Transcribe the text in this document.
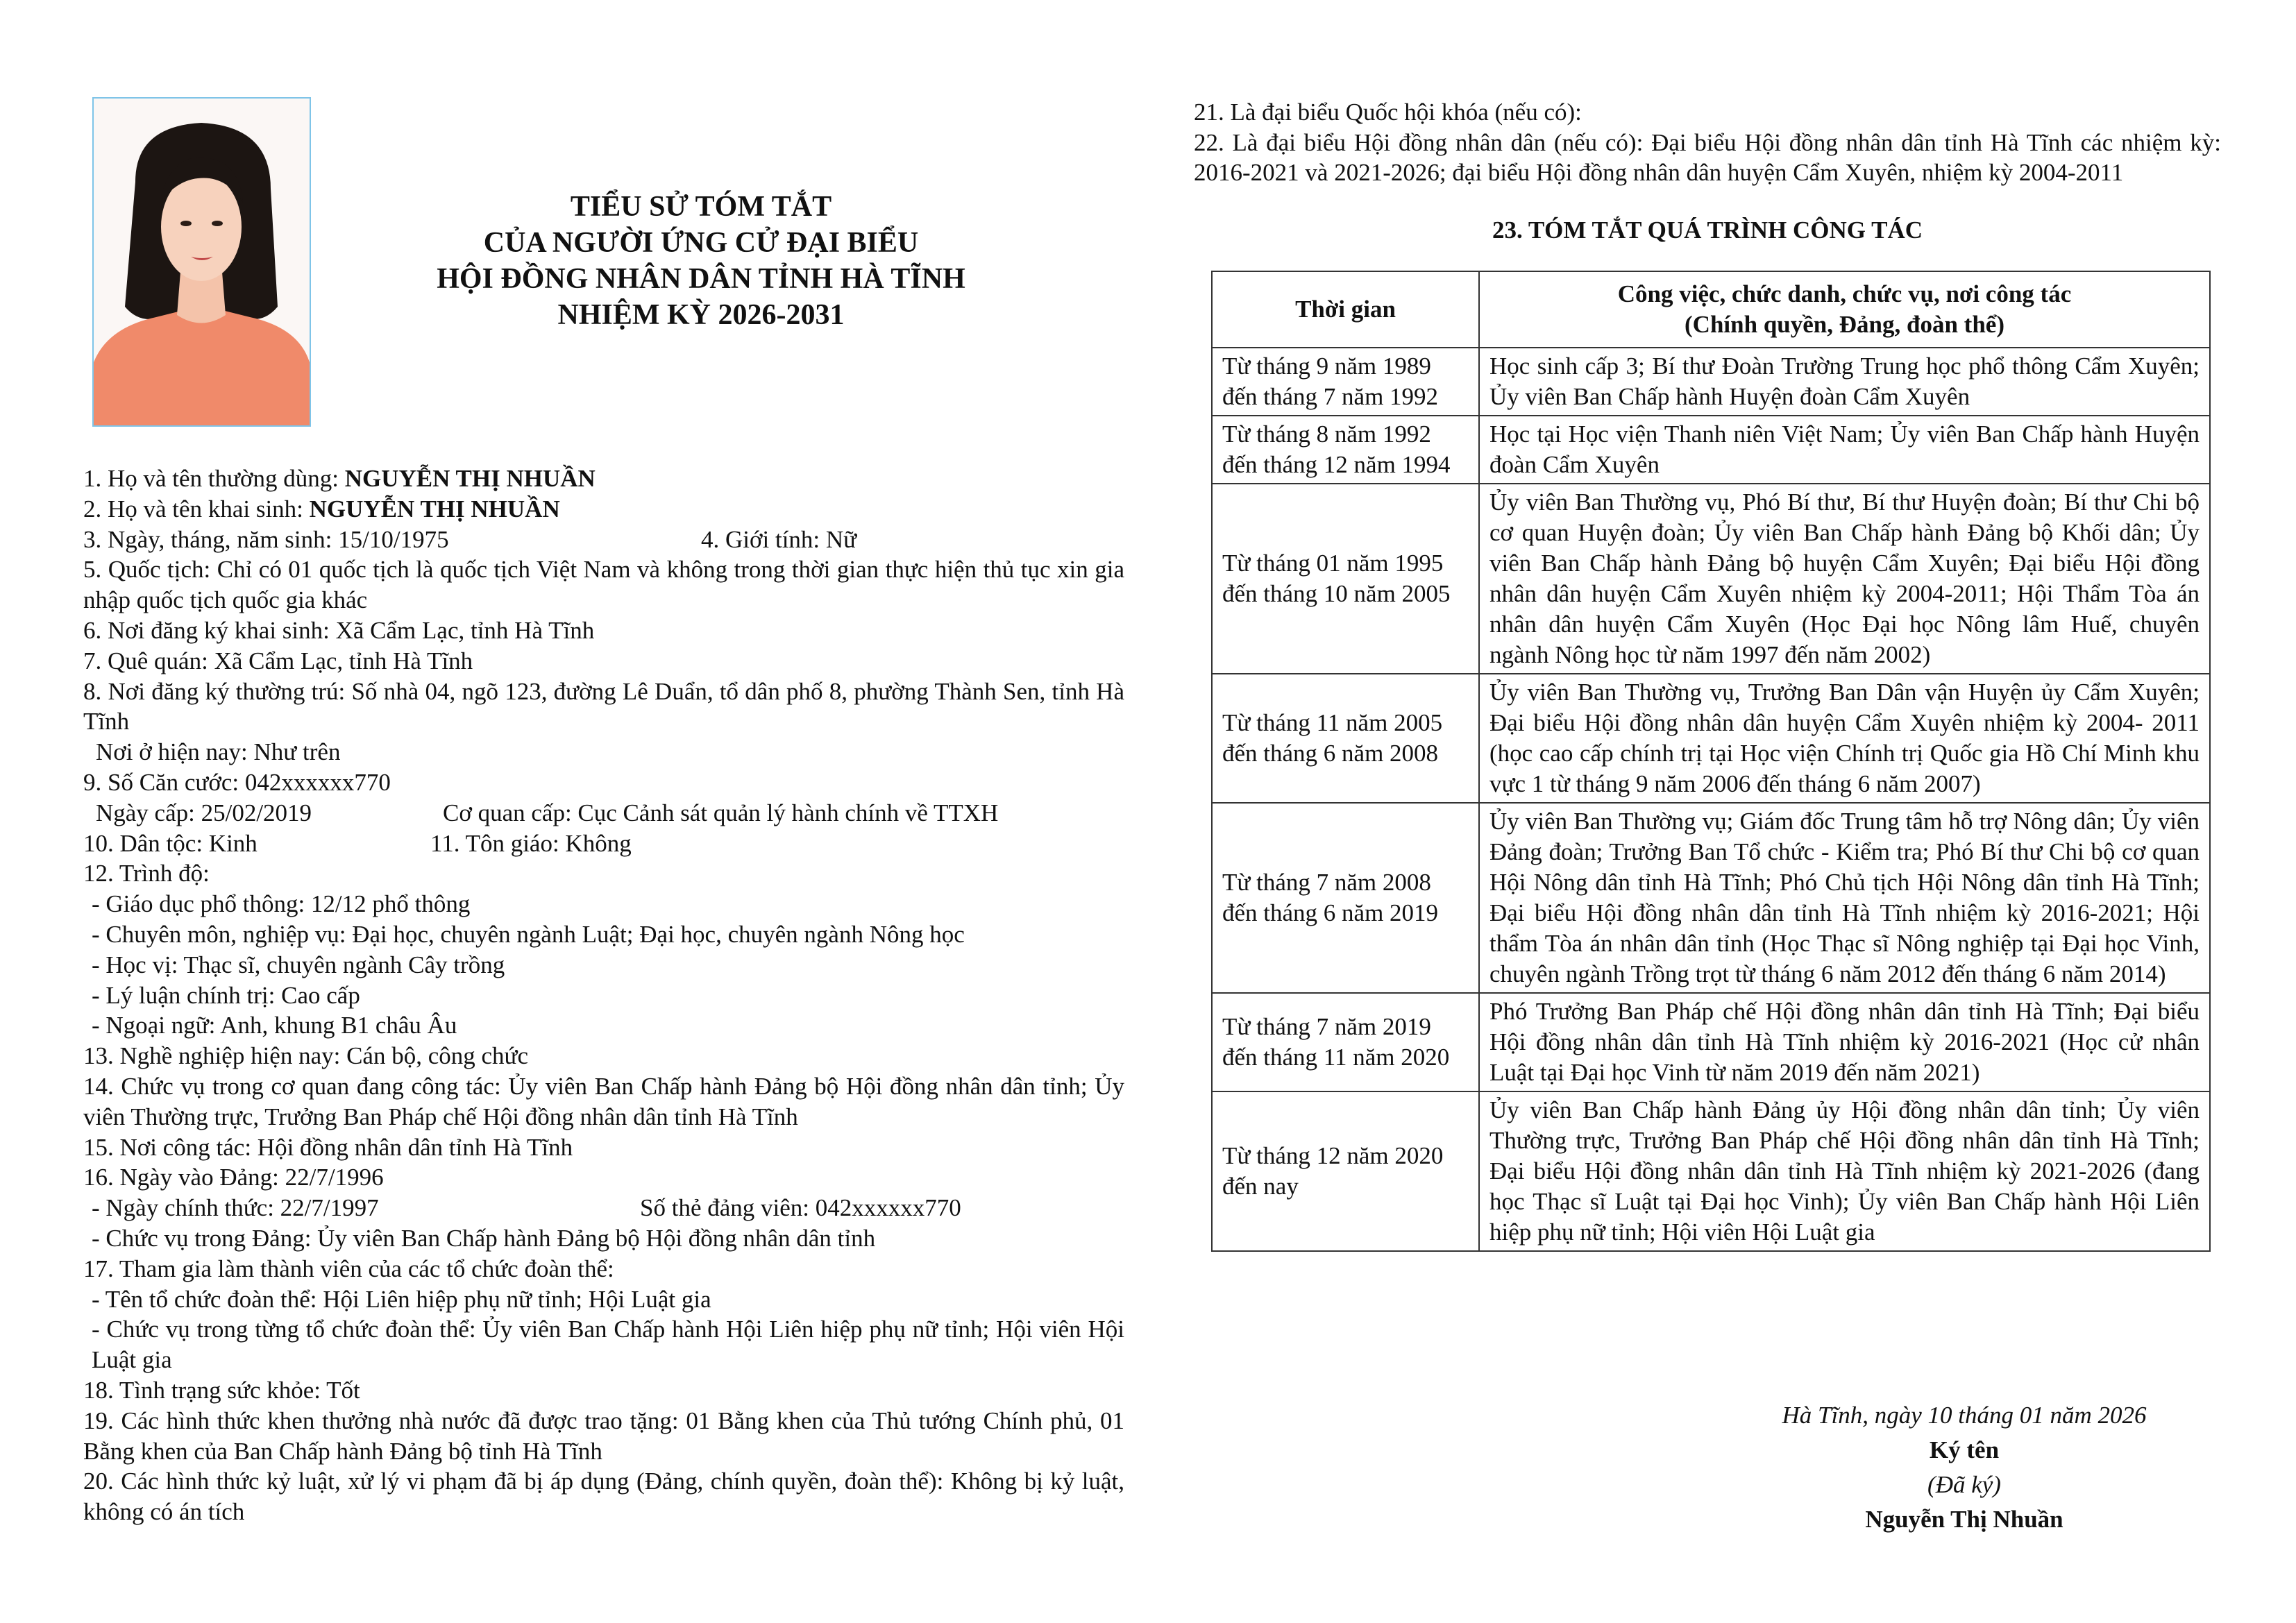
TIỂU SỬ TÓM TẮT
CỦA NGƯỜI ỨNG CỬ ĐẠI BIỂU
HỘI ĐỒNG NHÂN DÂN TỈNH HÀ TĨNH
NHIỆM KỲ 2026-2031
1. Họ và tên thường dùng: NGUYỄN THỊ NHUẦN
2. Họ và tên khai sinh: NGUYỄN THỊ NHUẦN
3. Ngày, tháng, năm sinh: 15/10/1975	4. Giới tính: Nữ
5. Quốc tịch: Chỉ có 01 quốc tịch là quốc tịch Việt Nam và không trong thời gian thực hiện thủ tục xin gia nhập quốc tịch quốc gia khác
6. Nơi đăng ký khai sinh: Xã Cẩm Lạc, tỉnh Hà Tĩnh
7. Quê quán: Xã Cẩm Lạc, tỉnh Hà Tĩnh
8. Nơi đăng ký thường trú: Số nhà 04, ngõ 123, đường Lê Duẩn, tổ dân phố 8, phường Thành Sen, tỉnh Hà Tĩnh
Nơi ở hiện nay: Như trên
9. Số Căn cước: 042xxxxxx770
Ngày cấp: 25/02/2019	Cơ quan cấp: Cục Cảnh sát quản lý hành chính về TTXH
10. Dân tộc: Kinh	11. Tôn giáo: Không
12. Trình độ:
- Giáo dục phổ thông: 12/12 phổ thông
- Chuyên môn, nghiệp vụ: Đại học, chuyên ngành Luật; Đại học, chuyên ngành Nông học
- Học vị: Thạc sĩ, chuyên ngành Cây trồng
- Lý luận chính trị: Cao cấp
- Ngoại ngữ: Anh, khung B1 châu Âu
13. Nghề nghiệp hiện nay: Cán bộ, công chức
14. Chức vụ trong cơ quan đang công tác: Ủy viên Ban Chấp hành Đảng bộ Hội đồng nhân dân tỉnh; Ủy viên Thường trực, Trưởng Ban Pháp chế Hội đồng nhân dân tỉnh Hà Tĩnh
15. Nơi công tác: Hội đồng nhân dân tỉnh Hà Tĩnh
16. Ngày vào Đảng: 22/7/1996
- Ngày chính thức: 22/7/1997	Số thẻ đảng viên: 042xxxxxx770
- Chức vụ trong Đảng: Ủy viên Ban Chấp hành Đảng bộ Hội đồng nhân dân tỉnh
17. Tham gia làm thành viên của các tổ chức đoàn thể:
- Tên tổ chức đoàn thể: Hội Liên hiệp phụ nữ tỉnh; Hội Luật gia
- Chức vụ trong từng tổ chức đoàn thể: Ủy viên Ban Chấp hành Hội Liên hiệp phụ nữ tỉnh; Hội viên Hội Luật gia
18. Tình trạng sức khỏe: Tốt
19. Các hình thức khen thưởng nhà nước đã được trao tặng: 01 Bằng khen của Thủ tướng Chính phủ, 01 Bằng khen của Ban Chấp hành Đảng bộ tỉnh Hà Tĩnh
20. Các hình thức kỷ luật, xử lý vi phạm đã bị áp dụng (Đảng, chính quyền, đoàn thể): Không bị kỷ luật, không có án tích
21. Là đại biểu Quốc hội khóa (nếu có):
22. Là đại biểu Hội đồng nhân dân (nếu có): Đại biểu Hội đồng nhân dân tỉnh Hà Tĩnh các nhiệm kỳ: 2016-2021 và 2021-2026; đại biểu Hội đồng nhân dân huyện Cẩm Xuyên, nhiệm kỳ 2004-2011
23. TÓM TẮT QUÁ TRÌNH CÔNG TÁC
Thời gian	Công việc, chức danh, chức vụ, nơi công tác
(Chính quyền, Đảng, đoàn thể)

Từ tháng 9 năm 1989
đến tháng 7 năm 1992	Học sinh cấp 3; Bí thư Đoàn Trường Trung học phổ thông Cẩm Xuyên; Ủy viên Ban Chấp hành Huyện đoàn Cẩm Xuyên

Từ tháng 8 năm 1992
đến tháng 12 năm 1994	Học tại Học viện Thanh niên Việt Nam; Ủy viên Ban Chấp hành Huyện đoàn Cẩm Xuyên

Từ tháng 01 năm 1995
đến tháng 10 năm 2005	Ủy viên Ban Thường vụ, Phó Bí thư, Bí thư Huyện đoàn; Bí thư Chi bộ cơ quan Huyện đoàn; Ủy viên Ban Chấp hành Đảng bộ Khối dân; Ủy viên Ban Chấp hành Đảng bộ huyện Cẩm Xuyên; Đại biểu Hội đồng nhân dân huyện Cẩm Xuyên nhiệm kỳ 2004-2011; Hội Thẩm Tòa án nhân dân huyện Cẩm Xuyên (Học Đại học Nông lâm Huế, chuyên ngành Nông học từ năm 1997 đến năm 2002)

Từ tháng 11 năm 2005
đến tháng 6 năm 2008	Ủy viên Ban Thường vụ, Trưởng Ban Dân vận Huyện ủy Cẩm Xuyên; Đại biểu Hội đồng nhân dân huyện Cẩm Xuyên nhiệm kỳ 2004- 2011 (học cao cấp chính trị tại Học viện Chính trị Quốc gia Hồ Chí Minh khu vực 1 từ tháng 9 năm 2006 đến tháng 6 năm 2007)

Từ tháng 7 năm 2008
đến tháng 6 năm 2019	Ủy viên Ban Thường vụ; Giám đốc Trung tâm hỗ trợ Nông dân; Ủy viên Đảng đoàn; Trưởng Ban Tổ chức - Kiểm tra; Phó Bí thư Chi bộ cơ quan Hội Nông dân tỉnh Hà Tĩnh; Phó Chủ tịch Hội Nông dân tỉnh Hà Tĩnh; Đại biểu Hội đồng nhân dân tỉnh Hà Tĩnh nhiệm kỳ 2016-2021; Hội thẩm Tòa án nhân dân tỉnh (Học Thạc sĩ Nông nghiệp tại Đại học Vinh, chuyên ngành Trồng trọt từ tháng 6 năm 2012 đến tháng 6 năm 2014)

Từ tháng 7 năm 2019
đến tháng 11 năm 2020	Phó Trưởng Ban Pháp chế Hội đồng nhân dân tỉnh Hà Tĩnh; Đại biểu Hội đồng nhân dân tỉnh Hà Tĩnh nhiệm kỳ 2016-2021 (Học cử nhân Luật tại Đại học Vinh từ năm 2019 đến năm 2021)

Từ tháng 12 năm 2020
đến nay	Ủy viên Ban Chấp hành Đảng ủy Hội đồng nhân dân tỉnh; Ủy viên Thường trực, Trưởng Ban Pháp chế Hội đồng nhân dân tỉnh Hà Tĩnh; Đại biểu Hội đồng nhân dân tỉnh Hà Tĩnh nhiệm kỳ 2021-2026 (đang học Thạc sĩ Luật tại Đại học Vinh); Ủy viên Ban Chấp hành Hội Liên hiệp phụ nữ tỉnh; Hội viên Hội Luật gia
Hà Tĩnh, ngày 10 tháng 01 năm 2026
Ký tên
(Đã ký)
Nguyễn Thị Nhuần
